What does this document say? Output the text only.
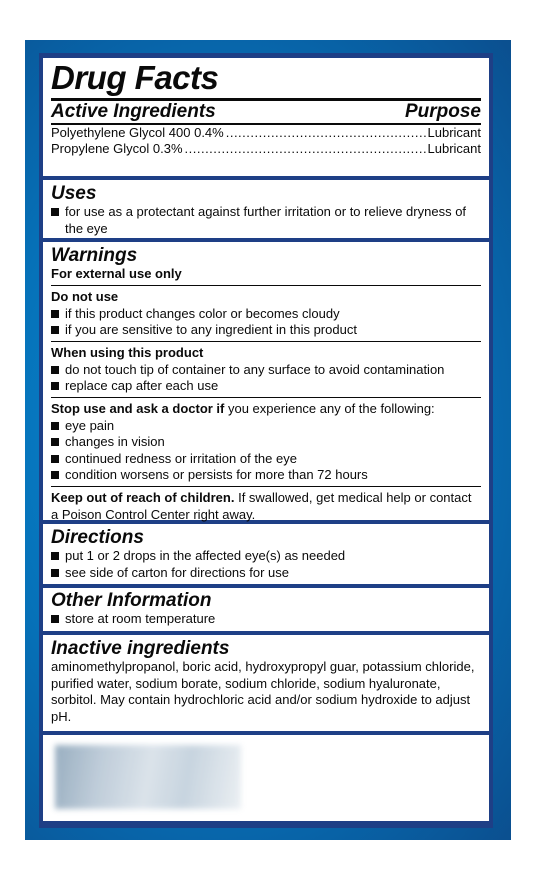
Drug Facts
Active Ingredients	Purpose
Polyethylene Glycol 400 0.4% .....	Lubricant
Propylene Glycol 0.3% .....	Lubricant
Uses
for use as a protectant against further irritation or to relieve dryness of the eye
Warnings
For external use only
Do not use
if this product changes color or becomes cloudy
if you are sensitive to any ingredient in this product
When using this product
do not touch tip of container to any surface to avoid contamination
replace cap after each use
Stop use and ask a doctor if you experience any of the following:
eye pain
changes in vision
continued redness or irritation of the eye
condition worsens or persists for more than 72 hours
Keep out of reach of children. If swallowed, get medical help or contact a Poison Control Center right away.
Directions
put 1 or 2 drops in the affected eye(s) as needed
see side of carton for directions for use
Other Information
store at room temperature
Inactive ingredients
aminomethylpropanol, boric acid, hydroxypropyl guar, potassium chloride, purified water, sodium borate, sodium chloride, sodium hyaluronate, sorbitol. May contain hydrochloric acid and/or sodium hydroxide to adjust pH.
